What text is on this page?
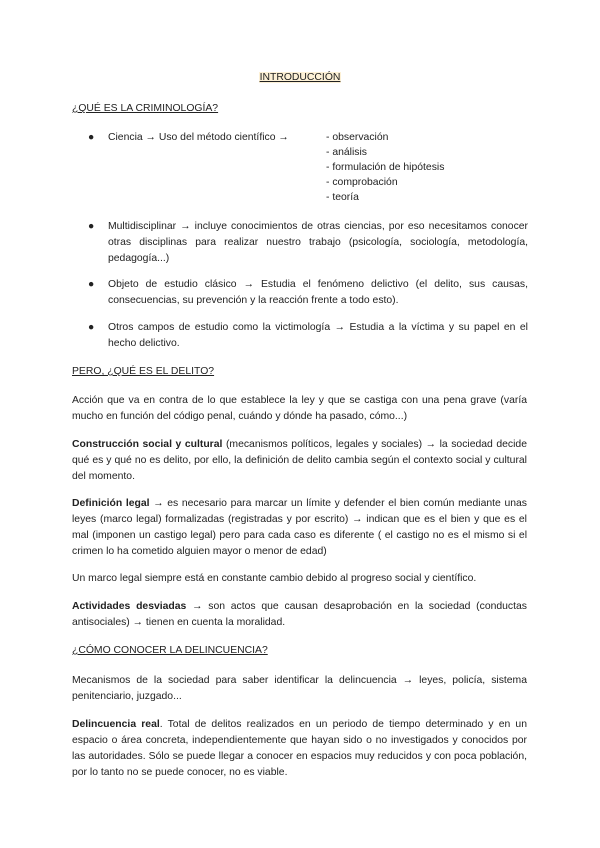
INTRODUCCIÓN
¿QUÉ ES LA CRIMINOLOGÍA?
● Ciencia → Uso del método científico →	- observación
- análisis
- formulación de hipótesis
- comprobación
- teoría
● Multidisciplinar → incluye conocimientos de otras ciencias, por eso necesitamos conocer otras disciplinas para realizar nuestro trabajo (psicología, sociología, metodología, pedagogía...)
● Objeto de estudio clásico → Estudia el fenómeno delictivo (el delito, sus causas, consecuencias, su prevención y la reacción frente a todo esto).
● Otros campos de estudio como la victimología → Estudia a la víctima y su papel en el hecho delictivo.
PERO, ¿QUÉ ES EL DELITO?
Acción que va en contra de lo que establece la ley y que se castiga con una pena grave (varía mucho en función del código penal, cuándo y dónde ha pasado, cómo...)
Construcción social y cultural (mecanismos políticos, legales y sociales) → la sociedad decide qué es y qué no es delito, por ello, la definición de delito cambia según el contexto social y cultural del momento.
Definición legal → es necesario para marcar un límite y defender el bien común mediante unas leyes (marco legal) formalizadas (registradas y por escrito) → indican que es el bien y que es el mal (imponen un castigo legal) pero para cada caso es diferente ( el castigo no es el mismo si el crimen lo ha cometido alguien mayor o menor de edad)
Un marco legal siempre está en constante cambio debido al progreso social y científico.
Actividades desviadas → son actos que causan desaprobación en la sociedad (conductas antisociales) → tienen en cuenta la moralidad.
¿CÓMO CONOCER LA DELINCUENCIA?
Mecanismos de la sociedad para saber identificar la delincuencia → leyes, policía, sistema penitenciario, juzgado...
Delincuencia real. Total de delitos realizados en un periodo de tiempo determinado y en un espacio o área concreta, independientemente que hayan sido o no investigados y conocidos por las autoridades. Sólo se puede llegar a conocer en espacios muy reducidos y con poca población, por lo tanto no se puede conocer, no es viable.
